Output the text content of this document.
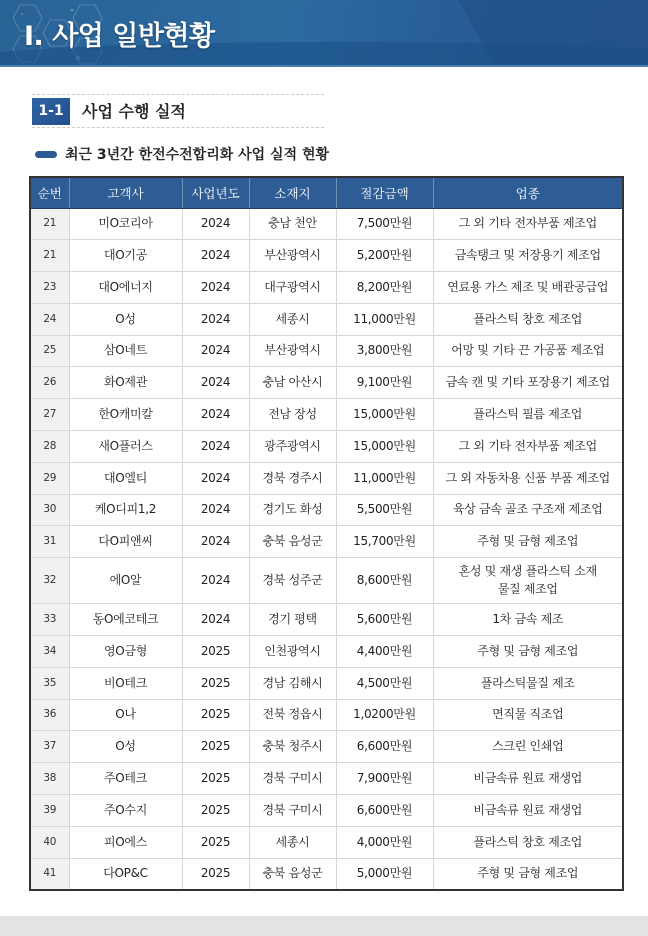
I. 사업 일반현황
1-1	사업 수행 실적
최근 3년간 한전수전합리화 사업 실적 현황
순번	고객사	사업년도	소재지	절감금액	업종
21	미O코리아	2024	충남 천안	7,500만원	그 외 기타 전자부품 제조업
21	대O기공	2024	부산광역시	5,200만원	금속탱크 및 저장용기 제조업
23	대O에너지	2024	대구광역시	8,200만원	연료용 가스 제조 및 배관공급업
24	O성	2024	세종시	11,000만원	플라스틱 창호 제조업
25	삼O네트	2024	부산광역시	3,800만원	어망 및 기타 끈 가공품 제조업
26	화O제관	2024	충남 아산시	9,100만원	금속 캔 및 기타 포장용기 제조업
27	한O캐미칼	2024	전남 장성	15,000만원	플라스틱 필름 제조업
28	새O플러스	2024	광주광역시	15,000만원	그 외 기타 전자부품 제조업
29	대O엘티	2024	경북 경주시	11,000만원	그 외 자동차용 신품 부품 제조업
30	케O디피1,2	2024	경기도 화성	5,500만원	육상 금속 골조 구조재 제조업
31	다O피앤씨	2024	충북 음성군	15,700만원	주형 및 금형 제조업
32	에O알	2024	경북 성주군	8,600만원	혼성 및 재생 플라스틱 소재
물질 제조업
33	동O에코테크	2024	경기 평택	5,600만원	1차 금속 제조
34	영O금형	2025	인천광역시	4,400만원	주형 및 금형 제조업
35	비O테크	2025	경남 김해시	4,500만원	플라스틱물질 제조
36	O나	2025	전북 정읍시	1,0200만원	면직물 직조업
37	O성	2025	충북 청주시	6,600만원	스크린 인쇄업
38	주O테크	2025	경북 구미시	7,900만원	비금속류 원료 재생업
39	주O수지	2025	경북 구미시	6,600만원	비금속류 원료 재생업
40	피O에스	2025	세종시	4,000만원	플라스틱 창호 제조업
41	다OP&C	2025	충북 음성군	5,000만원	주형 및 금형 제조업
